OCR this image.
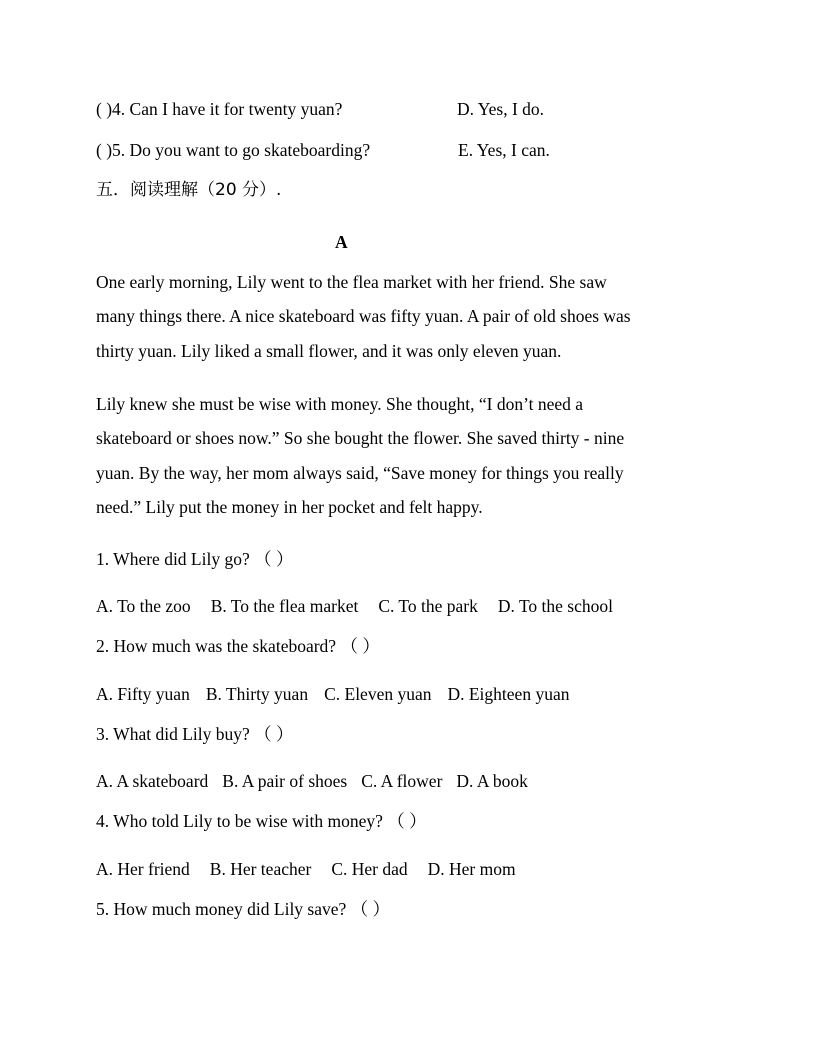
( )4. Can I have it for twenty yuan?	D. Yes, I do.
( )5. Do you want to go skateboarding?	E. Yes, I can.
五．阅读理解（20 分）.
A
One early morning, Lily went to the flea market with her friend. She saw
many things there. A nice skateboard was fifty yuan. A pair of old shoes was
thirty yuan. Lily liked a small flower, and it was only eleven yuan.
Lily knew she must be wise with money. She thought, “I don’t need a
skateboard or shoes now.” So she bought the flower. She saved thirty - nine
yuan. By the way, her mom always said, “Save money for things you really
need.” Lily put the money in her pocket and felt happy.
1. Where did Lily go? （ ）
A. To the zoo B. To the flea market C. To the park D. To the school
2. How much was the skateboard? （ ）
A. Fifty yuan B. Thirty yuan C. Eleven yuan D. Eighteen yuan
3. What did Lily buy? （ ）
A. A skateboard B. A pair of shoes C. A flower D. A book
4. Who told Lily to be wise with money? （ ）
A. Her friend B. Her teacher C. Her dad D. Her mom
5. How much money did Lily save? （ ）
